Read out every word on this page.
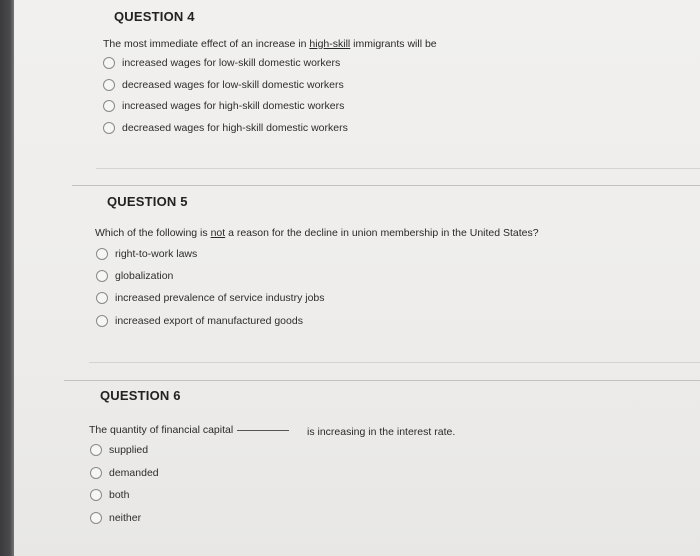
QUESTION 4
The most immediate effect of an increase in high-skill immigrants will be
increased wages for low-skill domestic workers
decreased wages for low-skill domestic workers
increased wages for high-skill domestic workers
decreased wages for high-skill domestic workers
QUESTION 5
Which of the following is not a reason for the decline in union membership in the United States?
right-to-work laws
globalization
increased prevalence of service industry jobs
increased export of manufactured goods
QUESTION 6
The quantity of financial capital	is increasing in the interest rate.
supplied
demanded
both
neither
